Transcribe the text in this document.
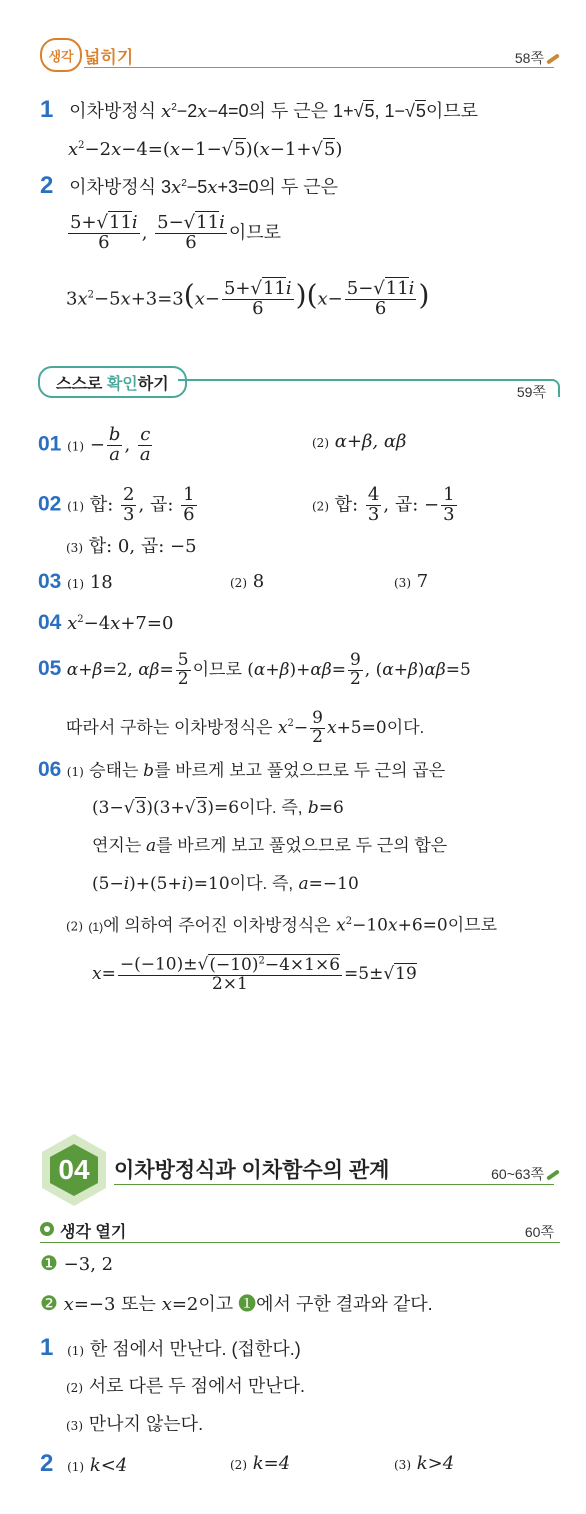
생각 넓히기	58쪽
1 이차방정식 $x^2-2x-4=0$의 두 근은 1+√5, 1−√5이므로
$x^2-2x-4=(x-1-√5)(x-1+√5)$
2 이차방정식 $3x^2-5x+3=0$의 두 근은
$\frac{5+√11i}{6}$ , $\frac{5-√11i}{6}$ 이므로
$3x^2-5x+3=3(x- \frac{5+√11i}{6} )(x- \frac{5-√11i}{6}$ )
스스로 확인 하기	59쪽
01 $(1) - \frac{b}{a}$ , $\frac{c}{a}$	(2) α+β, αβ
02 (1) 합: $\frac{2}{3}$ , 곱: $\frac{1}{6}$	(2) 합: $\frac{4}{3}$ , 곱: − $\frac{1}{3}$
(3) 합: 0, 곱: −5
03 (1) 18	(2) 8	(3) 7
04 $x^2-4x+7=0$
05 α+β=2, $\alpha\beta= \frac{5}{2}$ 이므로 $(\alpha+\beta)+\alpha\beta= \frac{9}{2}$ , (α+β)αβ=5
따라서 구하는 이차방정식은 $x^2- \frac{9}{2} x+5=0$이다.
06 (1) 승태는 b를 바르게 보고 풀었으므로 두 근의 곱은
(3−√3)(3+√3)=6이다. 즉, b=6
연지는 a를 바르게 보고 풀었으므로 두 근의 합은
(5−i)+(5+i)=10이다. 즉, a=−10
(2) (1)에 의하여 주어진 이차방정식은 $x^2-10x+6=0$이므로
$x= \frac{-(-10)\pm√(-10)^2-4\times 1\times 6}{2\times 1} =5\pm√19$
04	이차방정식과 이차함수의 관계	60~63쪽
생각 열기	60쪽
❶ −3, 2
❷ x=−3 또는 x=2이고 ❶에서 구한 결과와 같다.
1 (1) 한 점에서 만난다. (접한다.)
(2) 서로 다른 두 점에서 만난다.
(3) 만나지 않는다.
2 (1) k<4	(2) k=4	(3) k>4
